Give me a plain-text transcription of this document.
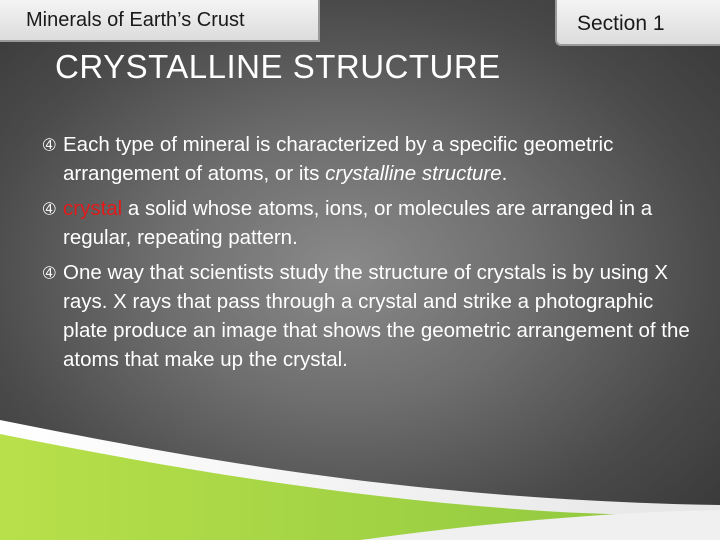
Minerals of Earth’s Crust	Section 1
CRYSTALLINE STRUCTURE
➃ Each type of mineral is characterized by a specific geometric arrangement of atoms, or its crystalline structure.
➃ crystal a solid whose atoms, ions, or molecules are arranged in a regular, repeating pattern.
➃ One way that scientists study the structure of crystals is by using X rays. X rays that pass through a crystal and strike a photographic plate produce an image that shows the geometric arrangement of the atoms that make up the crystal.
